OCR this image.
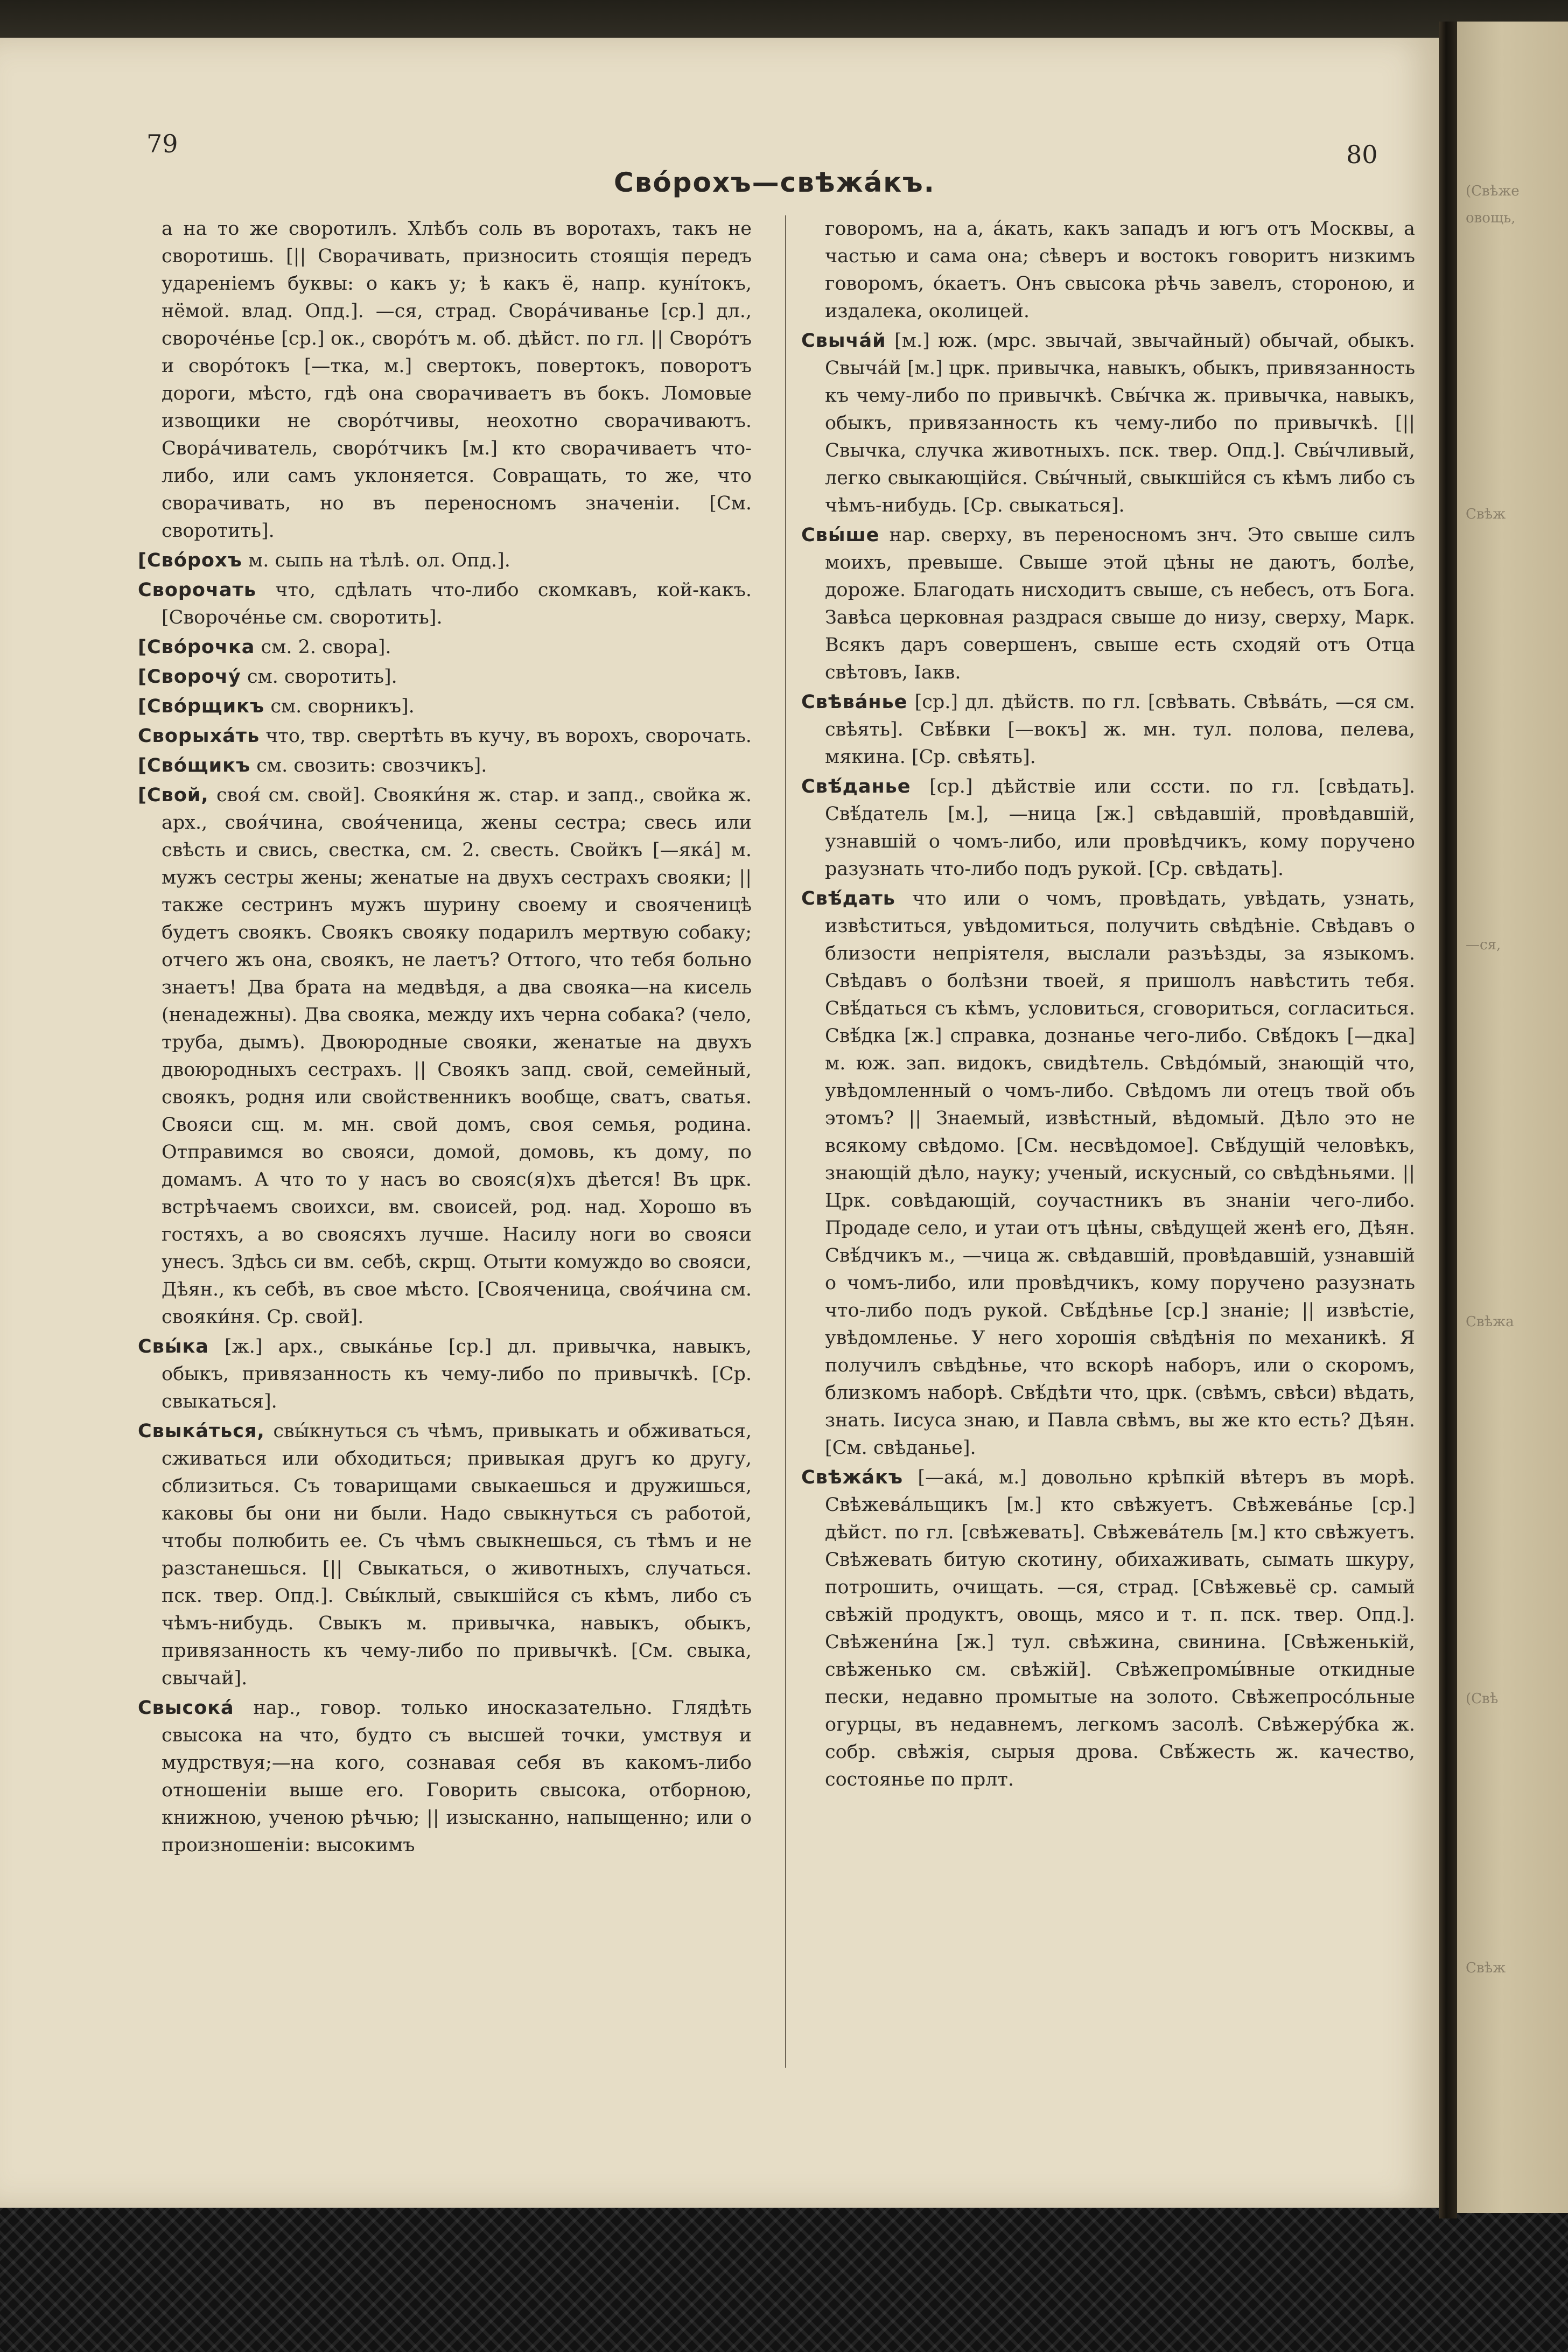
79
Сво́рохъ—свѣжа́къ.
80

а на то же своротилъ. Хлѣбъ соль въ воротахъ, такъ не своротишь. [|| Сворачивать, призносить стоящія передъ удареніемъ буквы: о какъ у; ѣ какъ ё, напр. куні́токъ, нёмой. влад. Опд.]. —ся, страд. Свора́чиванье [ср.] дл., свороче́нье [ср.] ок., своро́тъ м. об. дѣйст. по гл. || Своро́тъ и своро́токъ [—тка, м.] свертокъ, повертокъ, поворотъ дороги, мѣсто, гдѣ она сворачиваетъ въ бокъ. Ломовые извощики не своро́тчивы, неохотно сворачиваютъ. Свора́чиватель, своро́тчикъ [м.] кто сворачиваетъ что-либо, или самъ уклоняется. Совращать, то же, что сворачивать, но въ переносномъ значеніи. [См. своротить].

[Сво́рохъ м. сыпь на тѣлѣ. ол. Опд.].

Сворочать что, сдѣлать что-либо скомкавъ, кой-какъ. [Свороче́нье см. своротить].

[Сво́рочка см. 2. свора].

[Сворочу́ см. своротить].

[Сво́рщикъ см. сворникъ].

Сворыха́ть что, твр. свертѣть въ кучу, въ ворохъ, сворочать.

[Сво́щикъ см. свозить: свозчикъ].

[Свой, своя́ см. свой]. Свояки́ня ж. стар. и запд., свойка ж. арх., своя́чина, своя́ченица, жены сестра; свесь или свѣсть и свись, свестка, см. 2. свесть. Свойкъ [—яка́] м. мужъ сестры жены; женатые на двухъ сестрахъ свояки; || также сестринъ мужъ шурину своему и свояченицѣ будетъ своякъ. Своякъ свояку подарилъ мертвую собаку; отчего жъ она, своякъ, не лаетъ? Оттого, что тебя больно знаетъ! Два брата на медвѣдя, а два свояка—на кисель (ненадежны). Два свояка, между ихъ черна собака? (чело, труба, дымъ). Двоюродные свояки, женатые на двухъ двоюродныхъ сестрахъ. || Своякъ запд. свой, семейный, своякъ, родня или свойственникъ вообще, сватъ, сватья. Свояси сщ. м. мн. свой домъ, своя семья, родина. Отправимся во свояси, домой, домовь, къ дому, по домамъ. А что то у насъ во свояс(я)хъ дѣется! Въ црк. встрѣчаемъ своихси, вм. своисей, род. над. Хорошо въ гостяхъ, а во своясяхъ лучше. Насилу ноги во свояси унесъ. Здѣсь си вм. себѣ, скрщ. Отыти комуждо во свояси, Дѣян., къ себѣ, въ свое мѣсто. [Свояченица, своя́чина см. свояки́ня. Ср. свой].

Свы́ка [ж.] арх., свыка́нье [ср.] дл. привычка, навыкъ, обыкъ, привязанность къ чему-либо по привычкѣ. [Ср. свыкаться].

Свыка́ться, свы́кнуться съ чѣмъ, привыкать и обживаться, сживаться или обходиться; привыкая другъ ко другу, сблизиться. Съ товарищами свыкаешься и дружишься, каковы бы они ни были. Надо свыкнуться съ работой, чтобы полюбить ее. Съ чѣмъ свыкнешься, съ тѣмъ и не разстанешься. [|| Свыкаться, о животныхъ, случаться. пск. твер. Опд.]. Свы́клый, свыкшійся съ кѣмъ, либо съ чѣмъ-нибудь. Свыкъ м. привычка, навыкъ, обыкъ, привязанность къ чему-либо по привычкѣ. [См. свыка, свычай].

Свысока́ нар., говор. только иносказательно. Глядѣть свысока на что, будто съ высшей точки, умствуя и мудрствуя;—на кого, сознавая себя въ какомъ-либо отношеніи выше его. Говорить свысока, отборною, книжною, ученою рѣчью; || изысканно, напыщенно; или о произношеніи: высокимъ

говоромъ, на а, а́кать, какъ западъ и югъ отъ Москвы, а частью и сама она; сѣверъ и востокъ говоритъ низкимъ говоромъ, о́каетъ. Онъ свысока рѣчь завелъ, стороною, и издалека, околицей.

Свыча́й [м.] юж. (мрс. звычай, звычайный) обычай, обыкъ. Свыча́й [м.] црк. привычка, навыкъ, обыкъ, привязанность къ чему-либо по привычкѣ. Свы́чка ж. привычка, навыкъ, обыкъ, привязанность къ чему-либо по привычкѣ. [|| Свычка, случка животныхъ. пск. твер. Опд.]. Свы́чливый, легко свыкающійся. Свы́чный, свыкшійся съ кѣмъ либо съ чѣмъ-нибудь. [Ср. свыкаться].

Свы́ше нар. сверху, въ переносномъ знч. Это свыше силъ моихъ, превыше. Свыше этой цѣны не даютъ, болѣе, дороже. Благодать нисходитъ свыше, съ небесъ, отъ Бога. Завѣса церковная раздрася свыше до низу, сверху, Марк. Всякъ даръ совершенъ, свыше есть сходяй отъ Отца свѣтовъ, Iакв.

Свѣва́нье [ср.] дл. дѣйств. по гл. [свѣвать. Свѣва́ть, —ся см. свѣять]. Свѣ́вки [—вокъ] ж. мн. тул. полова, пелева, мякина. [Ср. свѣять].

Свѣ́данье [ср.] дѣйствіе или сссти. по гл. [свѣдать]. Свѣ́датель [м.], —ница [ж.] свѣдавшій, провѣдавшій, узнавшій о чомъ-либо, или провѣдчикъ, кому поручено разузнать что-либо подъ рукой. [Ср. свѣдать].

Свѣ́дать что или о чомъ, провѣдать, увѣдать, узнать, извѣститься, увѣдомиться, получить свѣдѣніе. Свѣдавъ о близости непріятеля, выслали разъѣзды, за языкомъ. Свѣдавъ о болѣзни твоей, я пришолъ навѣстить тебя. Свѣ́даться съ кѣмъ, условиться, сговориться, согласиться. Свѣ́дка [ж.] справка, дознанье чего-либо. Свѣ́докъ [—дка] м. юж. зап. видокъ, свидѣтель. Свѣдо́мый, знающій что, увѣдомленный о чомъ-либо. Свѣдомъ ли отецъ твой объ этомъ? || Знаемый, извѣстный, вѣдомый. Дѣло это не всякому свѣдомо. [См. несвѣдомое]. Свѣ́дущій человѣкъ, знающій дѣло, науку; ученый, искусный, со свѣдѣньями. || Црк. совѣдающій, соучастникъ въ знаніи чего-либо. Продаде село, и утаи отъ цѣны, свѣдущей женѣ его, Дѣян. Свѣ́дчикъ м., —чица ж. свѣдавшій, провѣдавшій, узнавшій о чомъ-либо, или провѣдчикъ, кому поручено разузнать что-либо подъ рукой. Свѣ́дѣнье [ср.] знаніе; || извѣстіе, увѣдомленье. У него хорошія свѣдѣнія по механикѣ. Я получилъ свѣдѣнье, что вскорѣ наборъ, или о скоромъ, близкомъ наборѣ. Свѣ́дѣти что, црк. (свѣмъ, свѣси) вѣдать, знать. Iисуса знаю, и Павла свѣмъ, вы же кто есть? Дѣян. [См. свѣданье].

Свѣжа́къ [—ака́, м.] довольно крѣпкій вѣтеръ въ морѣ. Свѣжева́льщикъ [м.] кто свѣжуетъ. Свѣжева́нье [ср.] дѣйст. по гл. [свѣжевать]. Свѣжева́тель [м.] кто свѣжуетъ. Свѣжевать битую скотину, обихаживать, сымать шкуру, потрошить, очищать. —ся, страд. [Свѣжевьё ср. самый свѣжій продуктъ, овощь, мясо и т. п. пск. твер. Опд.]. Свѣжени́на [ж.] тул. свѣжина, свинина. [Свѣженькій, свѣженько см. свѣжій]. Свѣжепромы́вные откидные пески, недавно промытые на золото. Свѣжепросо́льные огурцы, въ недавнемъ, легкомъ засолѣ. Свѣжеру́бка ж. собр. свѣжія, сырыя дрова. Свѣ́жесть ж. качество, состоянье по прлт.

(Свѣже
овощь,
Свѣж
—ся,
Свѣжа
(Свѣ
Свѣж
